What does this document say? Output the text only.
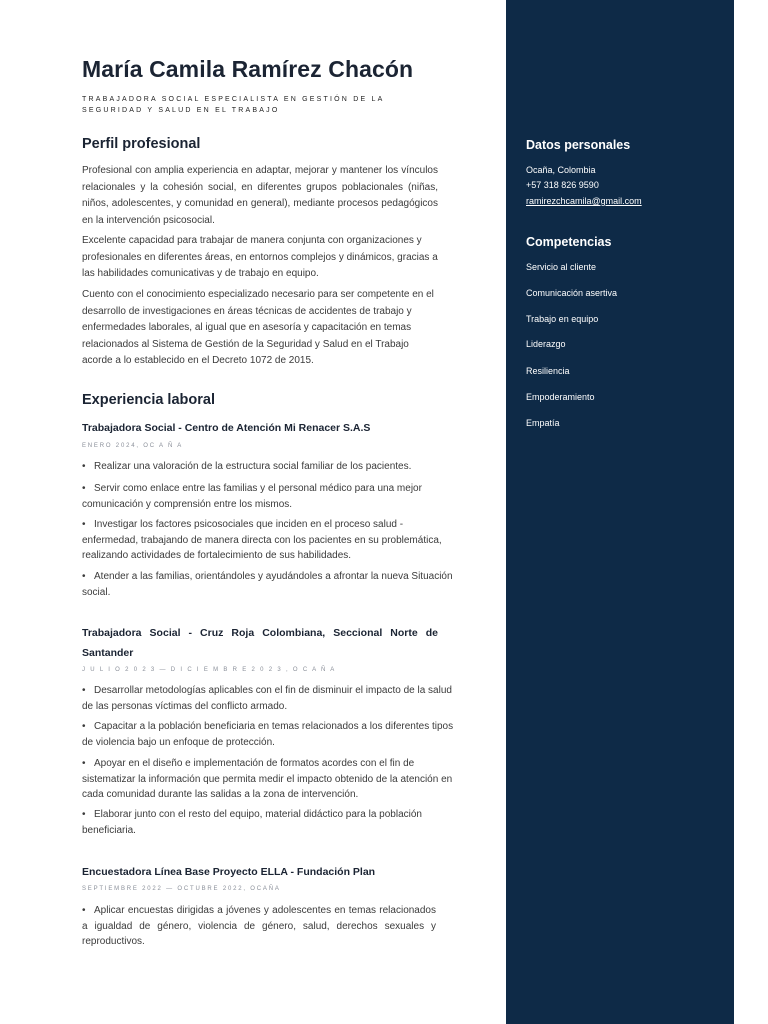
María Camila Ramírez Chacón
TRABAJADORA SOCIAL ESPECIALISTA EN GESTIÓN DE LA SEGURIDAD Y SALUD EN EL TRABAJO
Perfil profesional
Profesional con amplia experiencia en adaptar, mejorar y mantener los vínculos relacionales y la cohesión social, en diferentes grupos poblacionales (niñas, niños, adolescentes, y comunidad en general), mediante procesos pedagógicos en la intervención psicosocial.
Excelente capacidad para trabajar de manera conjunta con organizaciones y profesionales en diferentes áreas, en entornos complejos y dinámicos, gracias a las habilidades comunicativas y de trabajo en equipo.
Cuento con el conocimiento especializado necesario para ser competente en el desarrollo de investigaciones en áreas técnicas de accidentes de trabajo y enfermedades laborales, al igual que en asesoría y capacitación en temas relacionados al Sistema de Gestión de la Seguridad y Salud en el Trabajo acorde a lo establecido en el Decreto 1072 de 2015.
Experiencia laboral
Trabajadora Social - Centro de Atención Mi Renacer S.A.S
ENERO 2024, OC A Ñ A
• Realizar una valoración de la estructura social familiar de los pacientes.
• Servir como enlace entre las familias y el personal médico para una mejor comunicación y comprensión entre los mismos.
• Investigar los factores psicosociales que inciden en el proceso salud - enfermedad, trabajando de manera directa con los pacientes en su problemática, realizando actividades de fortalecimiento de sus habilidades.
• Atender a las familias, orientándoles y ayudándoles a afrontar la nueva Situación social.
Trabajadora Social - Cruz Roja Colombiana, Seccional Norte de Santander
J U L I O 2 0 2 3 — D I C I E M B R E 2 0 2 3 , O C A Ñ A
• Desarrollar metodologías aplicables con el fin de disminuir el impacto de la salud de las personas víctimas del conflicto armado.
• Capacitar a la población beneficiaria en temas relacionados a los diferentes tipos de violencia bajo un enfoque de protección.
• Apoyar en el diseño e implementación de formatos acordes con el fin de sistematizar la información que permita medir el impacto obtenido de la atención en cada comunidad durante las salidas a la zona de intervención.
• Elaborar junto con el resto del equipo, material didáctico para la población beneficiaria.
Encuestadora Línea Base Proyecto ELLA - Fundación Plan
SEPTIEMBRE 2022 — OCTUBRE 2022, OCAÑA
• Aplicar encuestas dirigidas a jóvenes y adolescentes en temas relacionados a igualdad de género, violencia de género, salud, derechos sexuales y reproductivos.
Datos personales
Ocaña, Colombia
+57 318 826 9590
ramirezchcamila@gmail.com
Competencias
Servicio al cliente
Comunicación asertiva
Trabajo en equipo
Liderazgo
Resiliencia
Empoderamiento
Empatía
